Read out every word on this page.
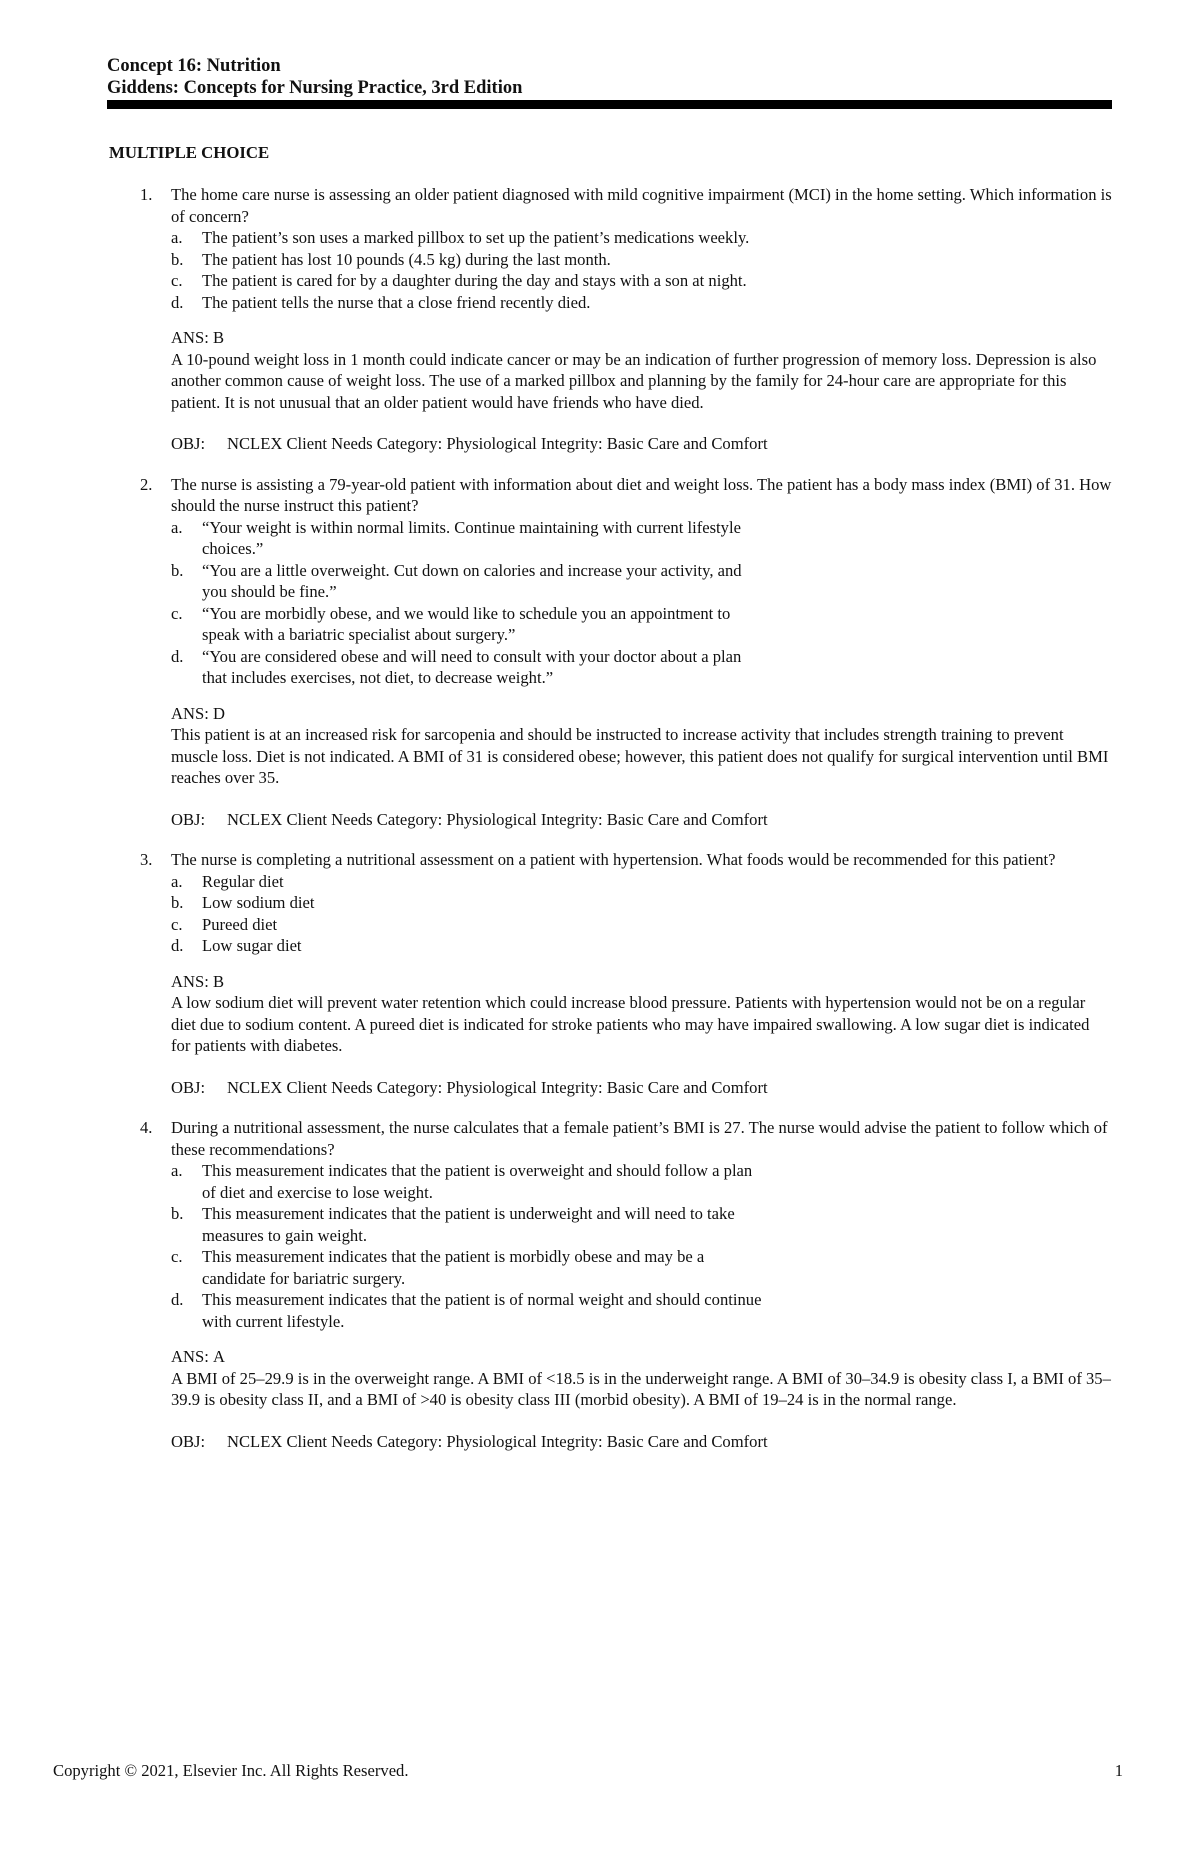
Concept 16: Nutrition
Giddens: Concepts for Nursing Practice, 3rd Edition
MULTIPLE CHOICE
1. The home care nurse is assessing an older patient diagnosed with mild cognitive impairment (MCI) in the home setting. Which information is of concern?
a. The patient’s son uses a marked pillbox to set up the patient’s medications weekly.
b. The patient has lost 10 pounds (4.5 kg) during the last month.
c. The patient is cared for by a daughter during the day and stays with a son at night.
d. The patient tells the nurse that a close friend recently died.
ANS: B
A 10-pound weight loss in 1 month could indicate cancer or may be an indication of further progression of memory loss. Depression is also another common cause of weight loss. The use of a marked pillbox and planning by the family for 24-hour care are appropriate for this patient. It is not unusual that an older patient would have friends who have died.
OBJ: NCLEX Client Needs Category: Physiological Integrity: Basic Care and Comfort
2. The nurse is assisting a 79-year-old patient with information about diet and weight loss. The patient has a body mass index (BMI) of 31. How should the nurse instruct this patient?
a. “Your weight is within normal limits. Continue maintaining with current lifestyle choices.”
b. “You are a little overweight. Cut down on calories and increase your activity, and you should be fine.”
c. “You are morbidly obese, and we would like to schedule you an appointment to speak with a bariatric specialist about surgery.”
d. “You are considered obese and will need to consult with your doctor about a plan that includes exercises, not diet, to decrease weight.”
ANS: D
This patient is at an increased risk for sarcopenia and should be instructed to increase activity that includes strength training to prevent muscle loss. Diet is not indicated. A BMI of 31 is considered obese; however, this patient does not qualify for surgical intervention until BMI reaches over 35.
OBJ: NCLEX Client Needs Category: Physiological Integrity: Basic Care and Comfort
3. The nurse is completing a nutritional assessment on a patient with hypertension. What foods would be recommended for this patient?
a. Regular diet
b. Low sodium diet
c. Pureed diet
d. Low sugar diet
ANS: B
A low sodium diet will prevent water retention which could increase blood pressure. Patients with hypertension would not be on a regular diet due to sodium content. A pureed diet is indicated for stroke patients who may have impaired swallowing. A low sugar diet is indicated for patients with diabetes.
OBJ: NCLEX Client Needs Category: Physiological Integrity: Basic Care and Comfort
4. During a nutritional assessment, the nurse calculates that a female patient’s BMI is 27. The nurse would advise the patient to follow which of these recommendations?
a. This measurement indicates that the patient is overweight and should follow a plan of diet and exercise to lose weight.
b. This measurement indicates that the patient is underweight and will need to take measures to gain weight.
c. This measurement indicates that the patient is morbidly obese and may be a candidate for bariatric surgery.
d. This measurement indicates that the patient is of normal weight and should continue with current lifestyle.
ANS: A
A BMI of 25–29.9 is in the overweight range. A BMI of <18.5 is in the underweight range. A BMI of 30–34.9 is obesity class I, a BMI of 35–39.9 is obesity class II, and a BMI of >40 is obesity class III (morbid obesity). A BMI of 19–24 is in the normal range.
OBJ: NCLEX Client Needs Category: Physiological Integrity: Basic Care and Comfort
Copyright © 2021, Elsevier Inc. All Rights Reserved.	1
